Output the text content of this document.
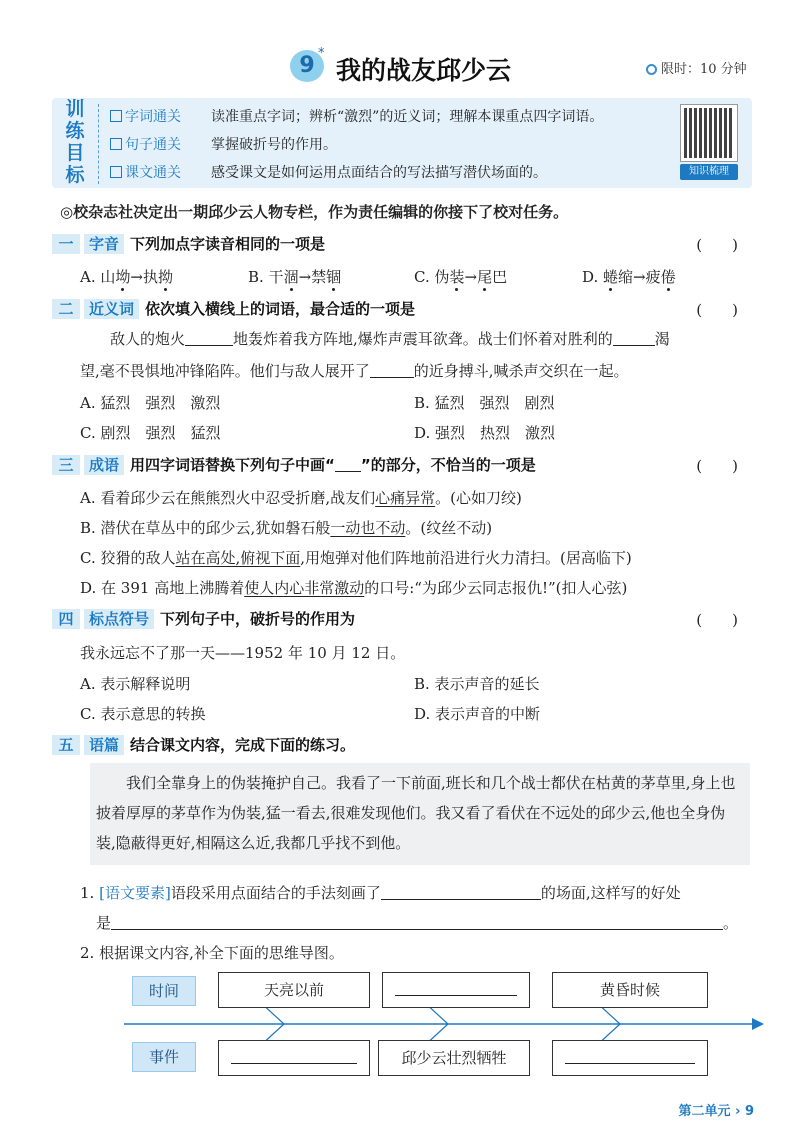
9 *
我的战友邱少云	限时：10 分钟
训
练
目
标
字词通关 读准重点字词；辨析“激烈”的近义词；理解本课重点四字词语。
句子通关 掌握破折号的作用。
课文通关 感受课文是如何运用点面结合的写法描写潜伏场面的。	知识梳理
◎校杂志社决定出一期邱少云人物专栏，作为责任编辑的你接下了校对任务。
一 字音 下列加点字读音相同的一项是	(　　)
A. 山坳→执拗	B. 干涸→禁锢	C. 伪装→尾巴	D. 蜷缩→疲倦
二 近义词 依次填入横线上的词语，最合适的一项是	(　　)
敌人的炮火	地轰炸着我方阵地,爆炸声震耳欲聋。战士们怀着对胜利的	渴
望,毫不畏惧地冲锋陷阵。他们与敌人展开了	的近身搏斗,喊杀声交织在一起。
A. 猛烈　强烈　激烈	B. 猛烈　强烈　剧烈
C. 剧烈　强烈　猛烈	D. 强烈　热烈　激烈
三 成语 用四字词语替换下列句子中画“ ”的部分，不恰当的一项是	(　　)
A. 看着邱少云在熊熊烈火中忍受折磨,战友们心痛异常。(心如刀绞)
B. 潜伏在草丛中的邱少云,犹如磐石般一动也不动。(纹丝不动)
C. 狡猾的敌人站在高处,俯视下面,用炮弹对他们阵地前沿进行火力清扫。(居高临下)
D. 在 391 高地上沸腾着使人内心非常激动的口号:“为邱少云同志报仇!”(扣人心弦)
四 标点符号 下列句子中，破折号的作用为	(　　)
我永远忘不了那一天——1952 年 10 月 12 日。
A. 表示解释说明	B. 表示声音的延长
C. 表示意思的转换	D. 表示声音的中断
五 语篇 结合课文内容，完成下面的练习。
我们全靠身上的伪装掩护自己。我看了一下前面,班长和几个战士都伏在枯黄的茅草里,身上也披着厚厚的茅草作为伪装,猛一看去,很难发现他们。我又看了看伏在不远处的邱少云,他也全身伪装,隐蔽得更好,相隔这么近,我都几乎找不到他。
1. [语文要素]语段采用点面结合的手法刻画了	的场面,这样写的好处
是	。
2. 根据课文内容,补全下面的思维导图。
时间
事件
天亮以前	黄昏时候
邱少云壮烈牺牲
第二单元 › 9
